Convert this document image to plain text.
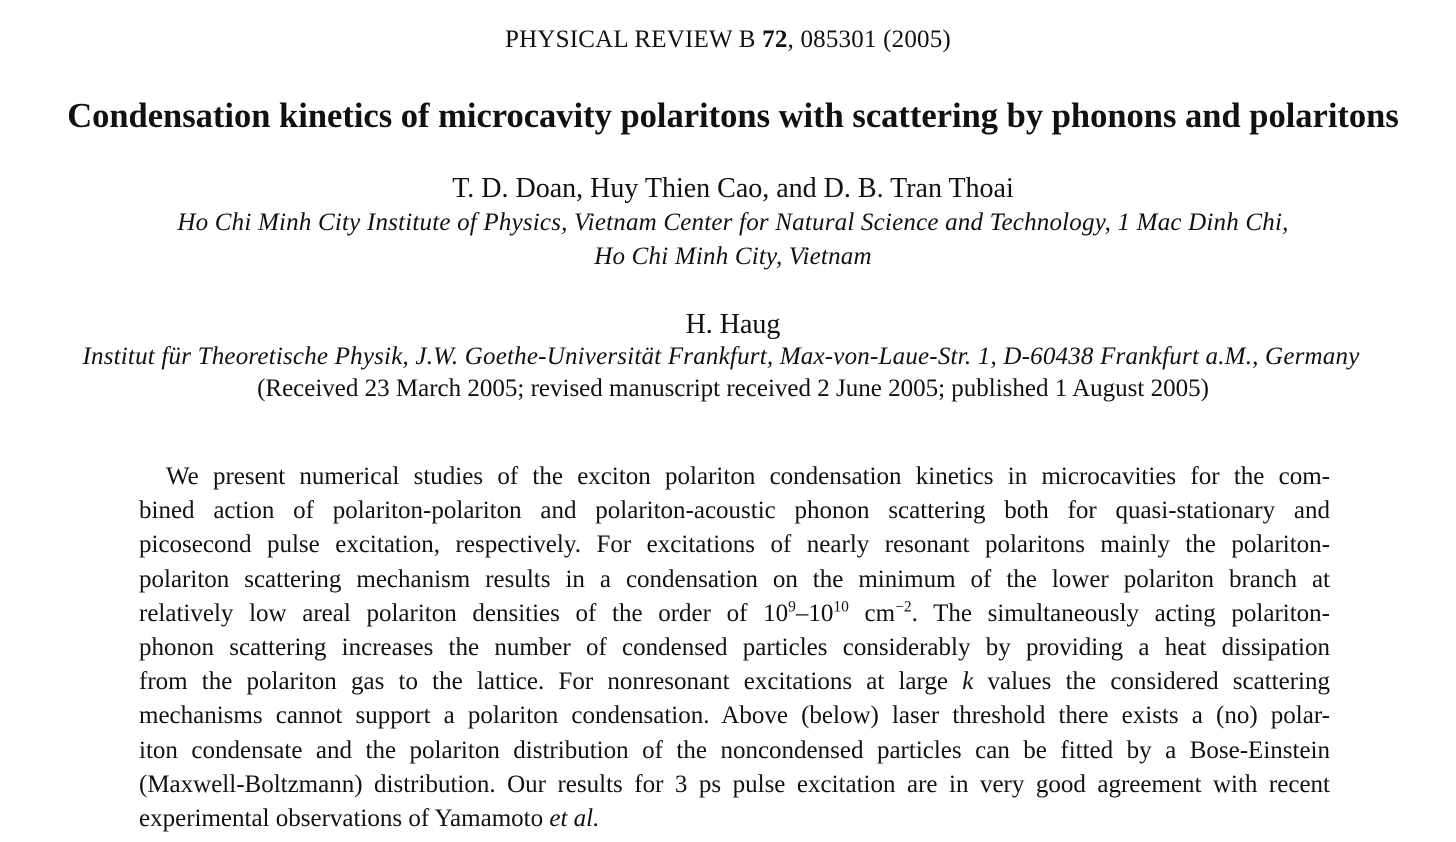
PHYSICAL REVIEW B 72, 085301 (2005)
Condensation kinetics of microcavity polaritons with scattering by phonons and polaritons
T. D. Doan, Huy Thien Cao, and D. B. Tran Thoai
Ho Chi Minh City Institute of Physics, Vietnam Center for Natural Science and Technology, 1 Mac Dinh Chi,
Ho Chi Minh City, Vietnam
H. Haug
Institut für Theoretische Physik, J.W. Goethe-Universität Frankfurt, Max-von-Laue-Str. 1, D-60438 Frankfurt a.M., Germany
(Received 23 March 2005; revised manuscript received 2 June 2005; published 1 August 2005)
We present numerical studies of the exciton polariton condensation kinetics in microcavities for the com-
bined action of polariton-polariton and polariton-acoustic phonon scattering both for quasi-stationary and
picosecond pulse excitation, respectively. For excitations of nearly resonant polaritons mainly the polariton-
polariton scattering mechanism results in a condensation on the minimum of the lower polariton branch at
relatively low areal polariton densities of the order of $10^9-10^{10}$ $cm^{-2}$. The simultaneously acting polariton-
phonon scattering increases the number of condensed particles considerably by providing a heat dissipation
from the polariton gas to the lattice. For nonresonant excitations at large k values the considered scattering
mechanisms cannot support a polariton condensation. Above (below) laser threshold there exists a (no) polar-
iton condensate and the polariton distribution of the noncondensed particles can be fitted by a Bose-Einstein
(Maxwell-Boltzmann) distribution. Our results for 3 ps pulse excitation are in very good agreement with recent
experimental observations of Yamamoto et al.
